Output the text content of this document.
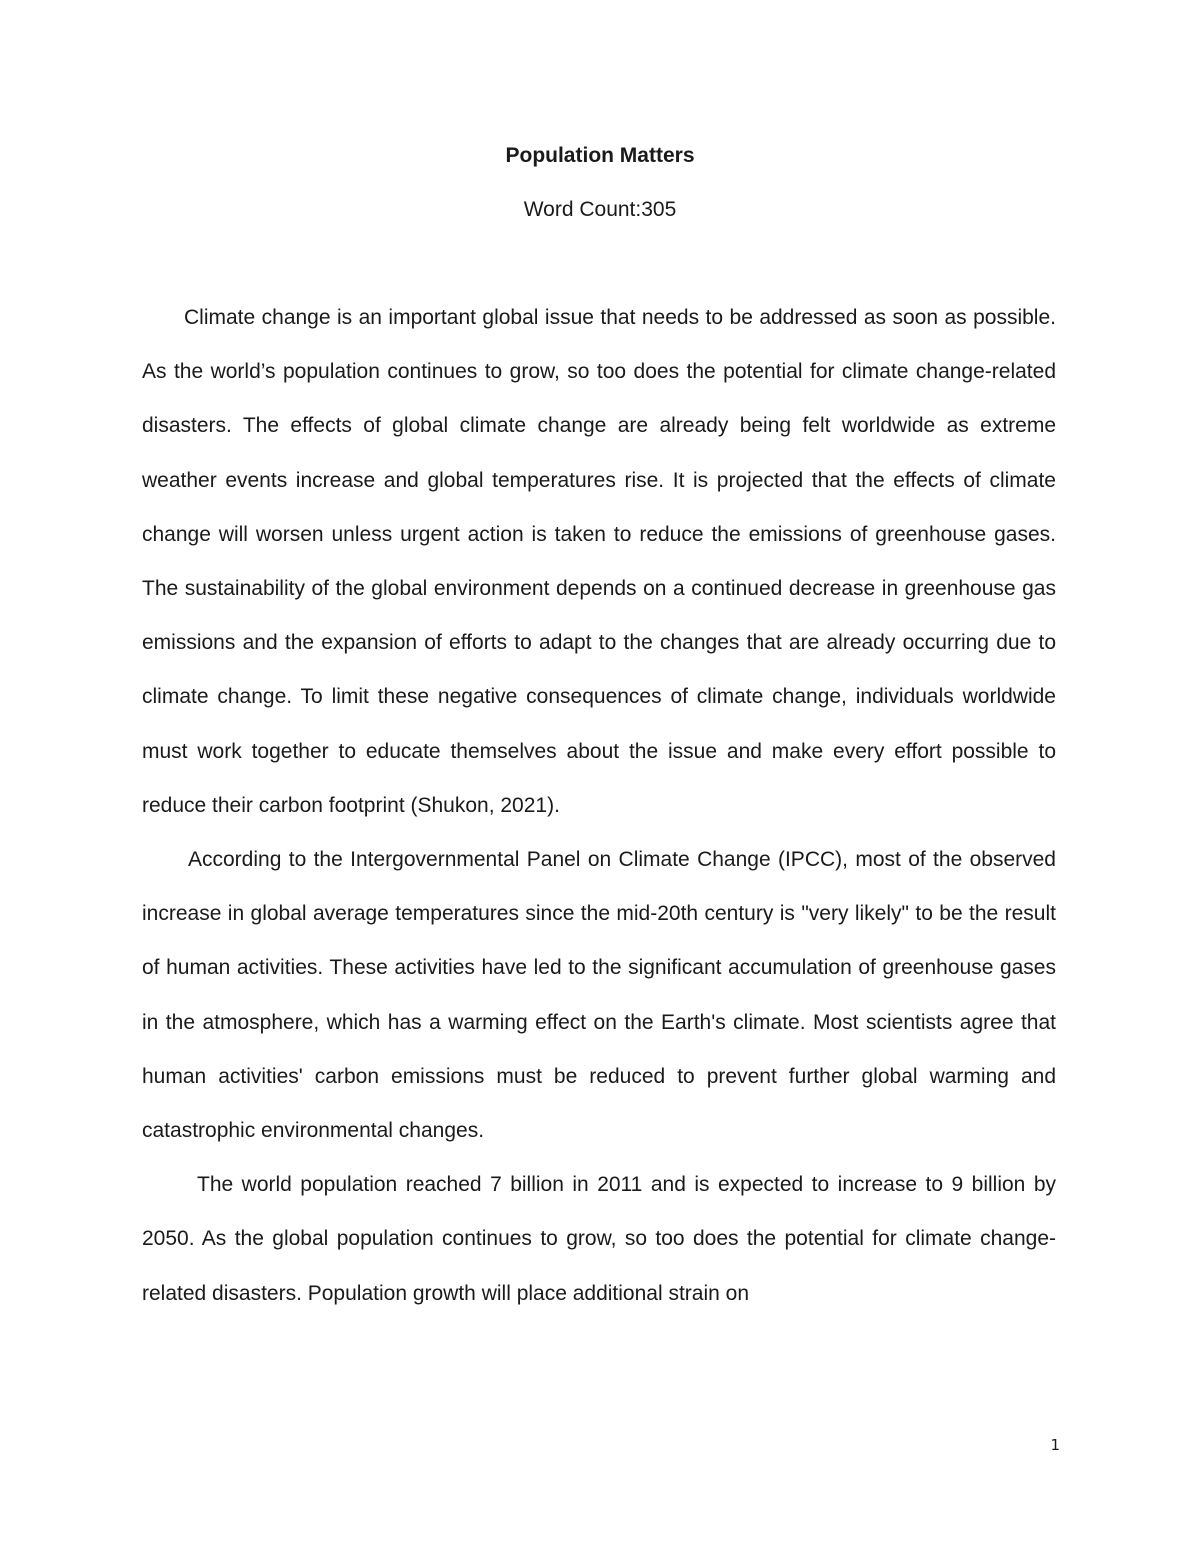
Population Matters

Word Count:305

Climate change is an important global issue that needs to be addressed as soon as possible. As the world’s population continues to grow, so too does the potential for climate change-related disasters. The effects of global climate change are already being felt worldwide as extreme weather events increase and global temperatures rise. It is projected that the effects of climate change will worsen unless urgent action is taken to reduce the emissions of greenhouse gases. The sustainability of the global environment depends on a continued decrease in greenhouse gas emissions and the expansion of efforts to adapt to the changes that are already occurring due to climate change. To limit these negative consequences of climate change, individuals worldwide must work together to educate themselves about the issue and make every effort possible to reduce their carbon footprint (Shukon, 2021).

According to the Intergovernmental Panel on Climate Change (IPCC), most of the observed increase in global average temperatures since the mid-20th century is "very likely" to be the result of human activities. These activities have led to the significant accumulation of greenhouse gases in the atmosphere, which has a warming effect on the Earth's climate. Most scientists agree that human activities' carbon emissions must be reduced to prevent further global warming and catastrophic environmental changes.

The world population reached 7 billion in 2011 and is expected to increase to 9 billion by 2050. As the global population continues to grow, so too does the potential for climate change-related disasters. Population growth will place additional strain on

1
